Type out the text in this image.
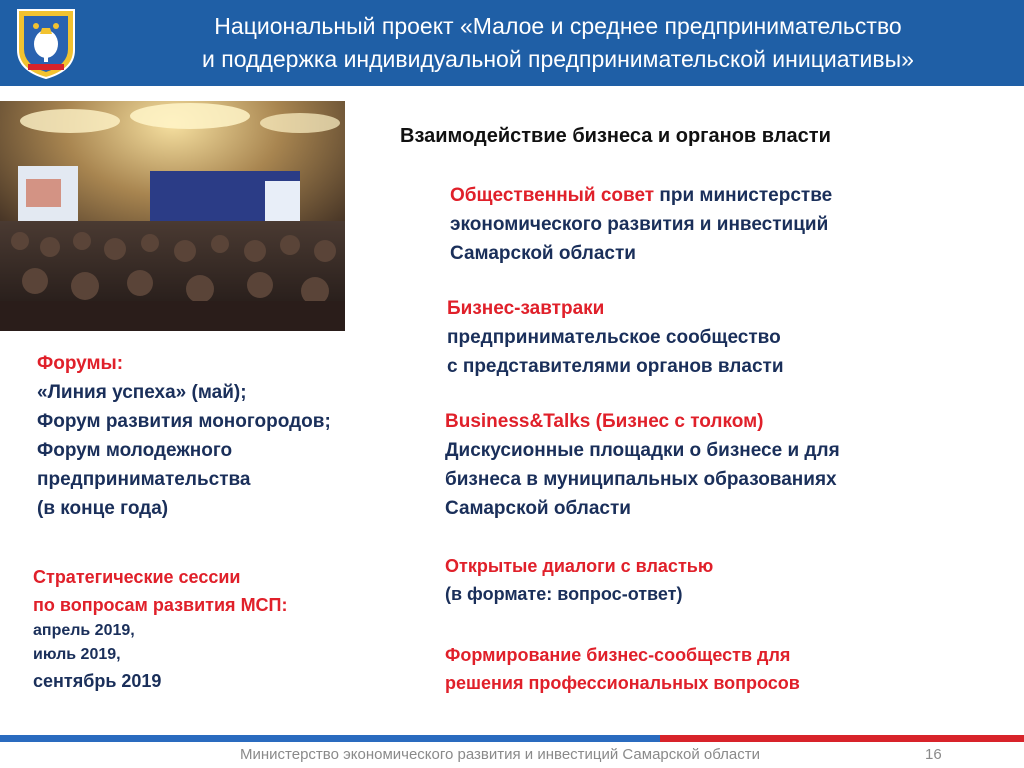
Национальный проект «Малое и среднее предпринимательство
и поддержка индивидуальной предпринимательской инициативы»
Взаимодействие бизнеса и органов власти
Общественный совет при министерстве
экономического развития и инвестиций
Самарской области
Бизнес-завтраки
предпринимательское сообщество
с представителями органов власти
Business&Talks (Бизнес с толком)
Дискусионные площадки о бизнесе и для
бизнеса в муниципальных образованиях
Самарской области
Открытые диалоги с властью
(в формате: вопрос-ответ)
Формирование бизнес-сообществ для
решения профессиональных вопросов
Форумы:
«Линия успеха» (май);
Форум развития моногородов;
Форум молодежного
предпринимательства
(в конце года)
Стратегические сессии
по вопросам развития МСП:
апрель 2019,
июль 2019,
сентябрь 2019
Министерство экономического развития и инвестиций Самарской области	16
